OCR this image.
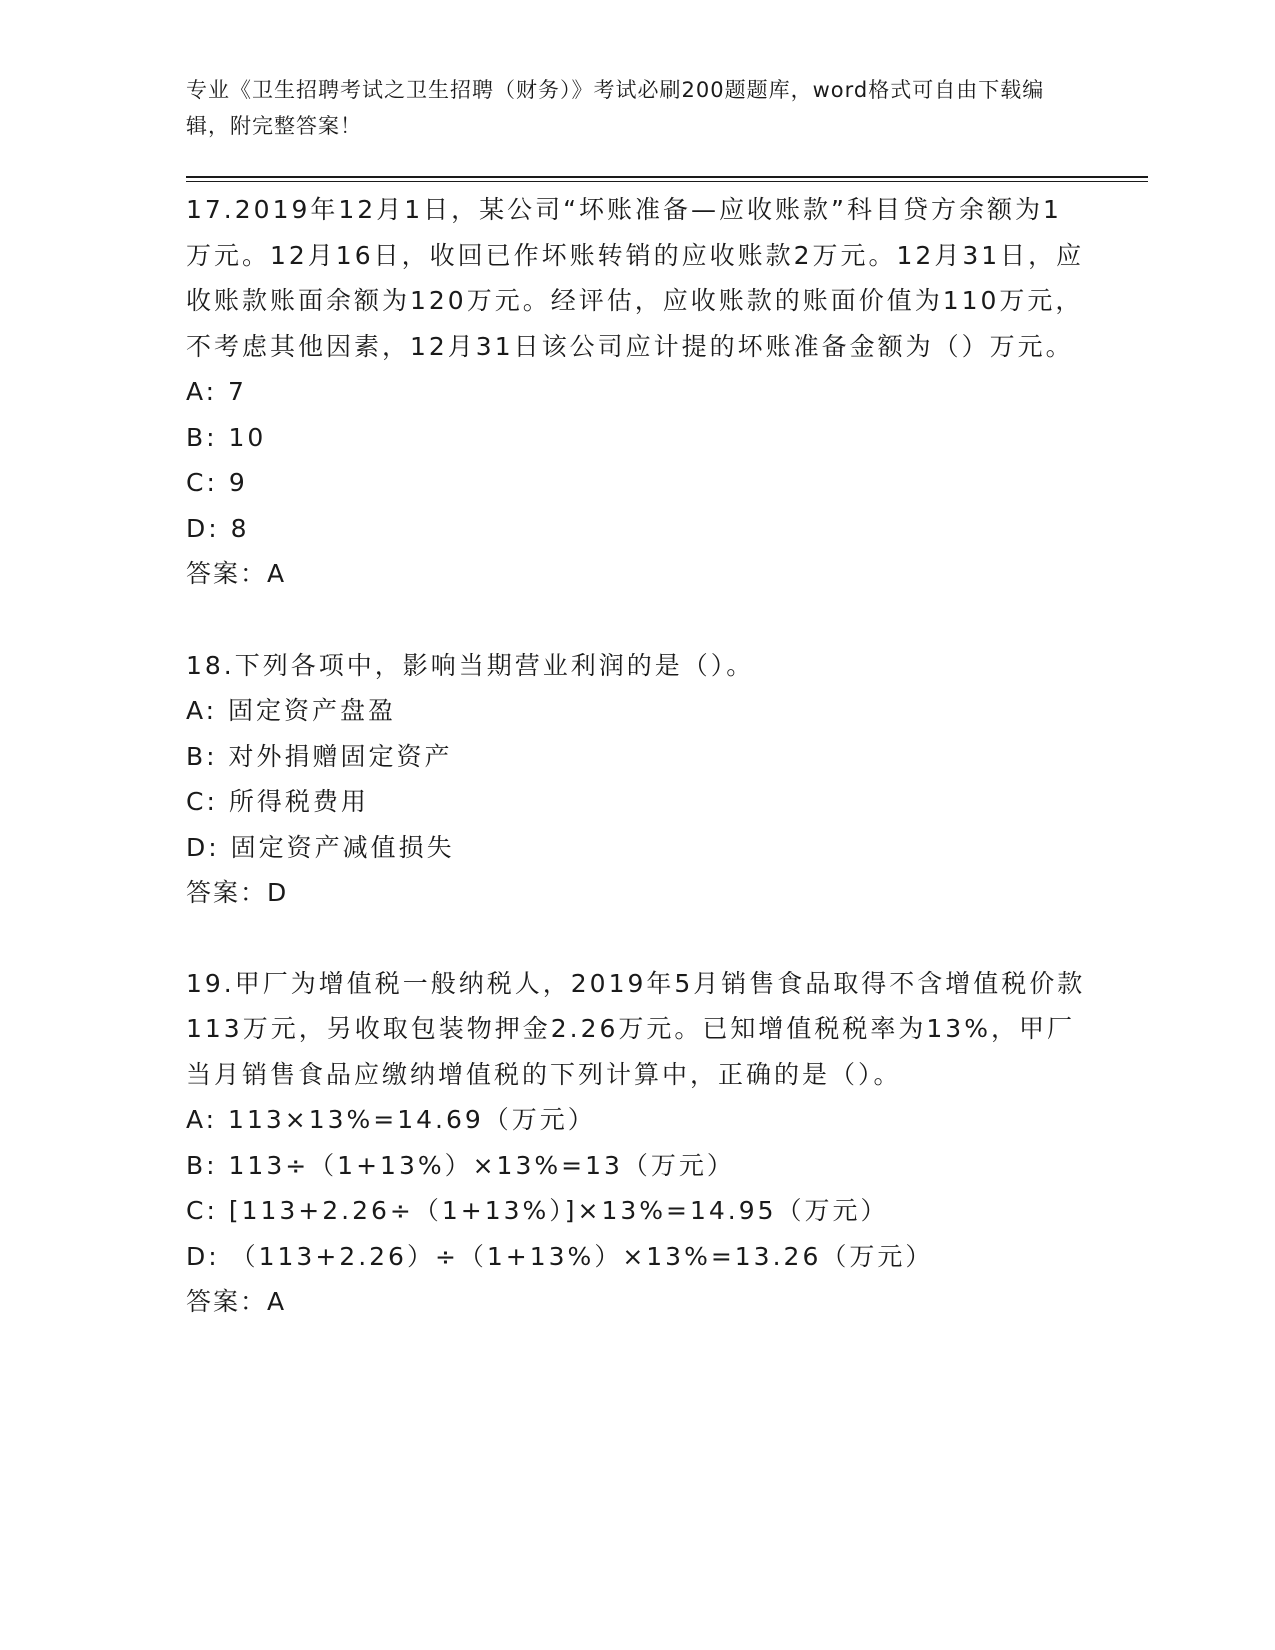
专业《卫生招聘考试之卫生招聘（财务）》考试必刷200题题库，word格式可自由下载编辑，附完整答案！

17.2019年12月1日，某公司“坏账准备—应收账款”科目贷方余额为1万元。12月16日，收回已作坏账转销的应收账款2万元。12月31日，应收账款账面余额为120万元。经评估，应收账款的账面价值为110万元，不考虑其他因素，12月31日该公司应计提的坏账准备金额为（）万元。

A: 7

B: 10

C: 9

D: 8

答案：A

18.下列各项中，影响当期营业利润的是（）。

A: 固定资产盘盈

B: 对外捐赠固定资产

C: 所得税费用

D: 固定资产减值损失

答案：D

19.甲厂为增值税一般纳税人，2019年5月销售食品取得不含增值税价款113万元，另收取包装物押金2.26万元。已知增值税税率为13%，甲厂当月销售食品应缴纳增值税的下列计算中，正确的是（）。

A: 113×13%=14.69（万元）

B: 113÷（1+13%）×13%=13（万元）

C: [113+2.26÷（1+13%）]×13%=14.95（万元）

D: （113+2.26）÷（1+13%）×13%=13.26（万元）

答案：A
